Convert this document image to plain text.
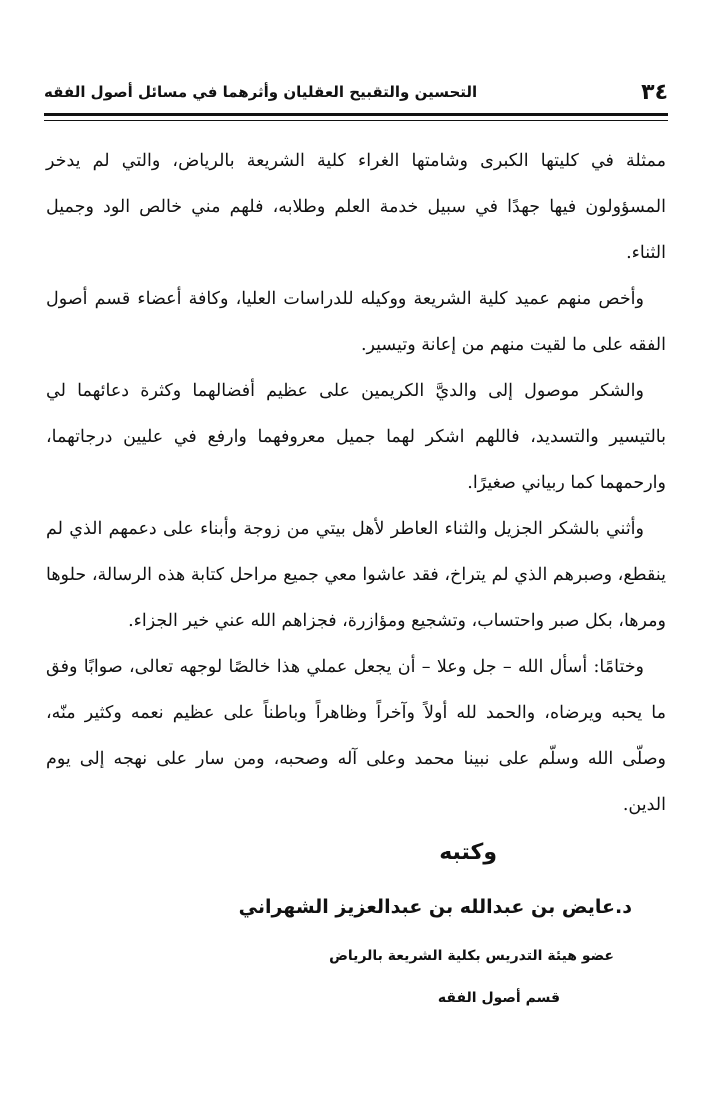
٣٤
التحسين والتقبيح العقليان وأثرهما في مسائل أصول الفقه

ممثلة في كليتها الكبرى وشامتها الغراء كلية الشريعة بالرياض، والتي لم يدخر المسؤولون فيها جهدًا في سبيل خدمة العلم وطلابه، فلهم مني خالص الود وجميل الثناء.

وأخص منهم عميد كلية الشريعة ووكيله للدراسات العليا، وكافة أعضاء قسم أصول الفقه على ما لقيت منهم من إعانة وتيسير.

والشكر موصول إلى والديَّ الكريمين على عظيم أفضالهما وكثرة دعائهما لي بالتيسير والتسديد، فاللهم اشكر لهما جميل معروفهما وارفع في عليين درجاتهما، وارحمهما كما ربياني صغيرًا.

وأثني بالشكر الجزيل والثناء العاطر لأهل بيتي من زوجة وأبناء على دعمهم الذي لم ينقطع، وصبرهم الذي لم يتراخ، فقد عاشوا معي جميع مراحل كتابة هذه الرسالة، حلوها ومرها، بكل صبر واحتساب، وتشجيع ومؤازرة، فجزاهم الله عني خير الجزاء.

وختامًا: أسأل الله – جل وعلا – أن يجعل عملي هذا خالصًا لوجهه تعالى، صوابًا وفق ما يحبه ويرضاه، والحمد لله أولاً وآخراً وظاهراً وباطناً على عظيم نعمه وكثير منّه، وصلّى الله وسلّم على نبينا محمد وعلى آله وصحبه، ومن سار على نهجه إلى يوم الدين.

وكتبه
د.عايض بن عبدالله بن عبدالعزيز الشهراني
عضو هيئة التدريس بكلية الشريعة بالرياض
قسم أصول الفقه
